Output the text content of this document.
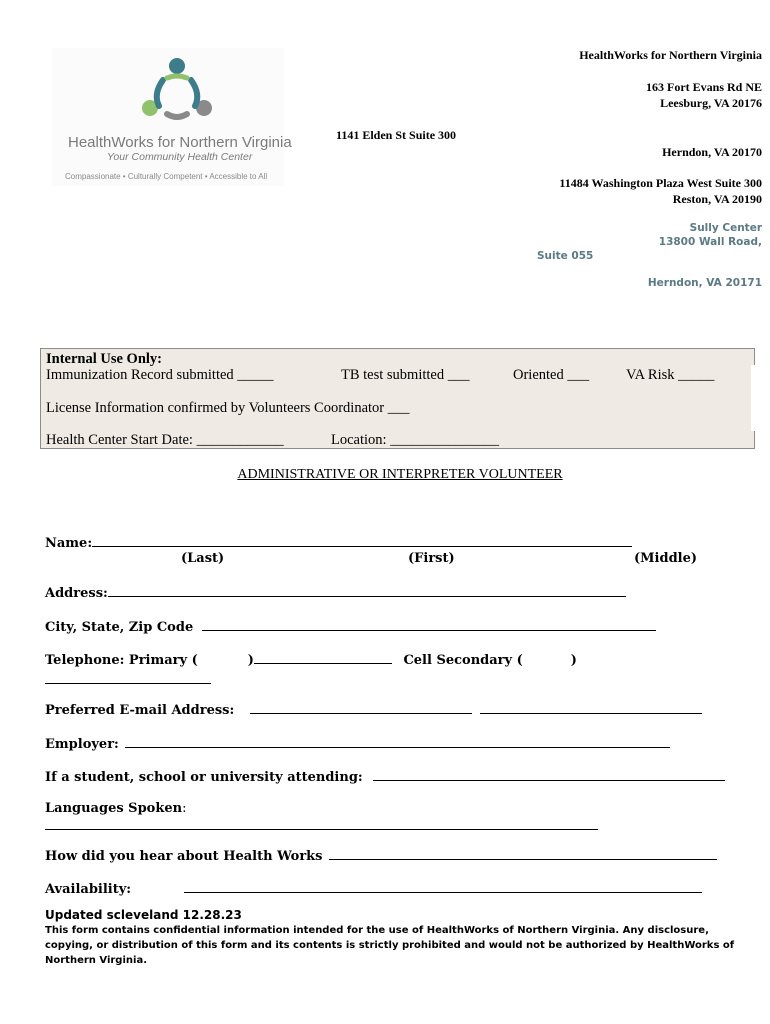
HealthWorks for Northern Virginia
Your Community Health Center
Compassionate • Culturally Competent • Accessible to All
HealthWorks for Northern Virginia
163 Fort Evans Rd NE
Leesburg, VA 20176
1141 Elden St Suite 300
Herndon, VA 20170
11484 Washington Plaza West Suite 300
Reston, VA 20190
Sully Center
13800 Wall Road,
Suite 055
Herndon, VA 20171
Internal Use Only:
Immunization Record submitted _____	TB test submitted ___	Oriented ___	VA Risk _____
License Information confirmed by Volunteers Coordinator ___
Health Center Start Date: ____________	Location: _______________
ADMINISTRATIVE OR INTERPRETER VOLUNTEER
Name:
(Last)	(First)	(Middle)
Address:
City, State, Zip Code
Telephone: Primary (	)	Cell Secondary (	)
Preferred E-mail Address:
Employer:
If a student, school or university attending:
Languages Spoken:
How did you hear about Health Works
Availability:
Updated scleveland 12.28.23
This form contains confidential information intended for the use of HealthWorks of Northern Virginia. Any disclosure, copying, or distribution of this form and its contents is strictly prohibited and would not be authorized by HealthWorks of Northern Virginia.
